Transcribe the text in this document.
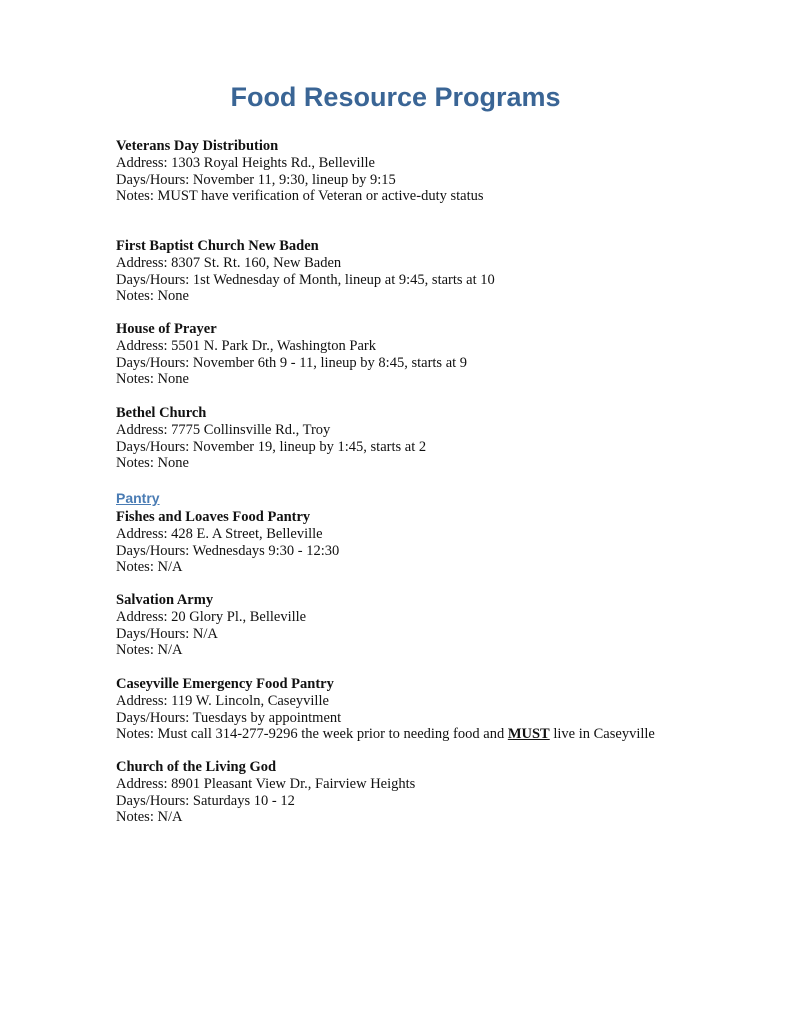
Food Resource Programs
Veterans Day Distribution
Address: 1303 Royal Heights Rd., Belleville
Days/Hours: November 11, 9:30, lineup by 9:15
Notes: MUST have verification of Veteran or active-duty status
First Baptist Church New Baden
Address: 8307 St. Rt. 160, New Baden
Days/Hours: 1st Wednesday of Month, lineup at 9:45, starts at 10
Notes: None
House of Prayer
Address: 5501 N. Park Dr., Washington Park
Days/Hours: November 6th 9 - 11, lineup by 8:45, starts at 9
Notes: None
Bethel Church
Address: 7775 Collinsville Rd., Troy
Days/Hours: November 19, lineup by 1:45, starts at 2
Notes: None
Pantry
Fishes and Loaves Food Pantry
Address: 428 E. A Street, Belleville
Days/Hours: Wednesdays 9:30 - 12:30
Notes: N/A
Salvation Army
Address: 20 Glory Pl., Belleville
Days/Hours: N/A
Notes: N/A
Caseyville Emergency Food Pantry
Address: 119 W. Lincoln, Caseyville
Days/Hours: Tuesdays by appointment
Notes: Must call 314-277-9296 the week prior to needing food and MUST live in Caseyville
Church of the Living God
Address: 8901 Pleasant View Dr., Fairview Heights
Days/Hours: Saturdays 10 - 12
Notes: N/A
